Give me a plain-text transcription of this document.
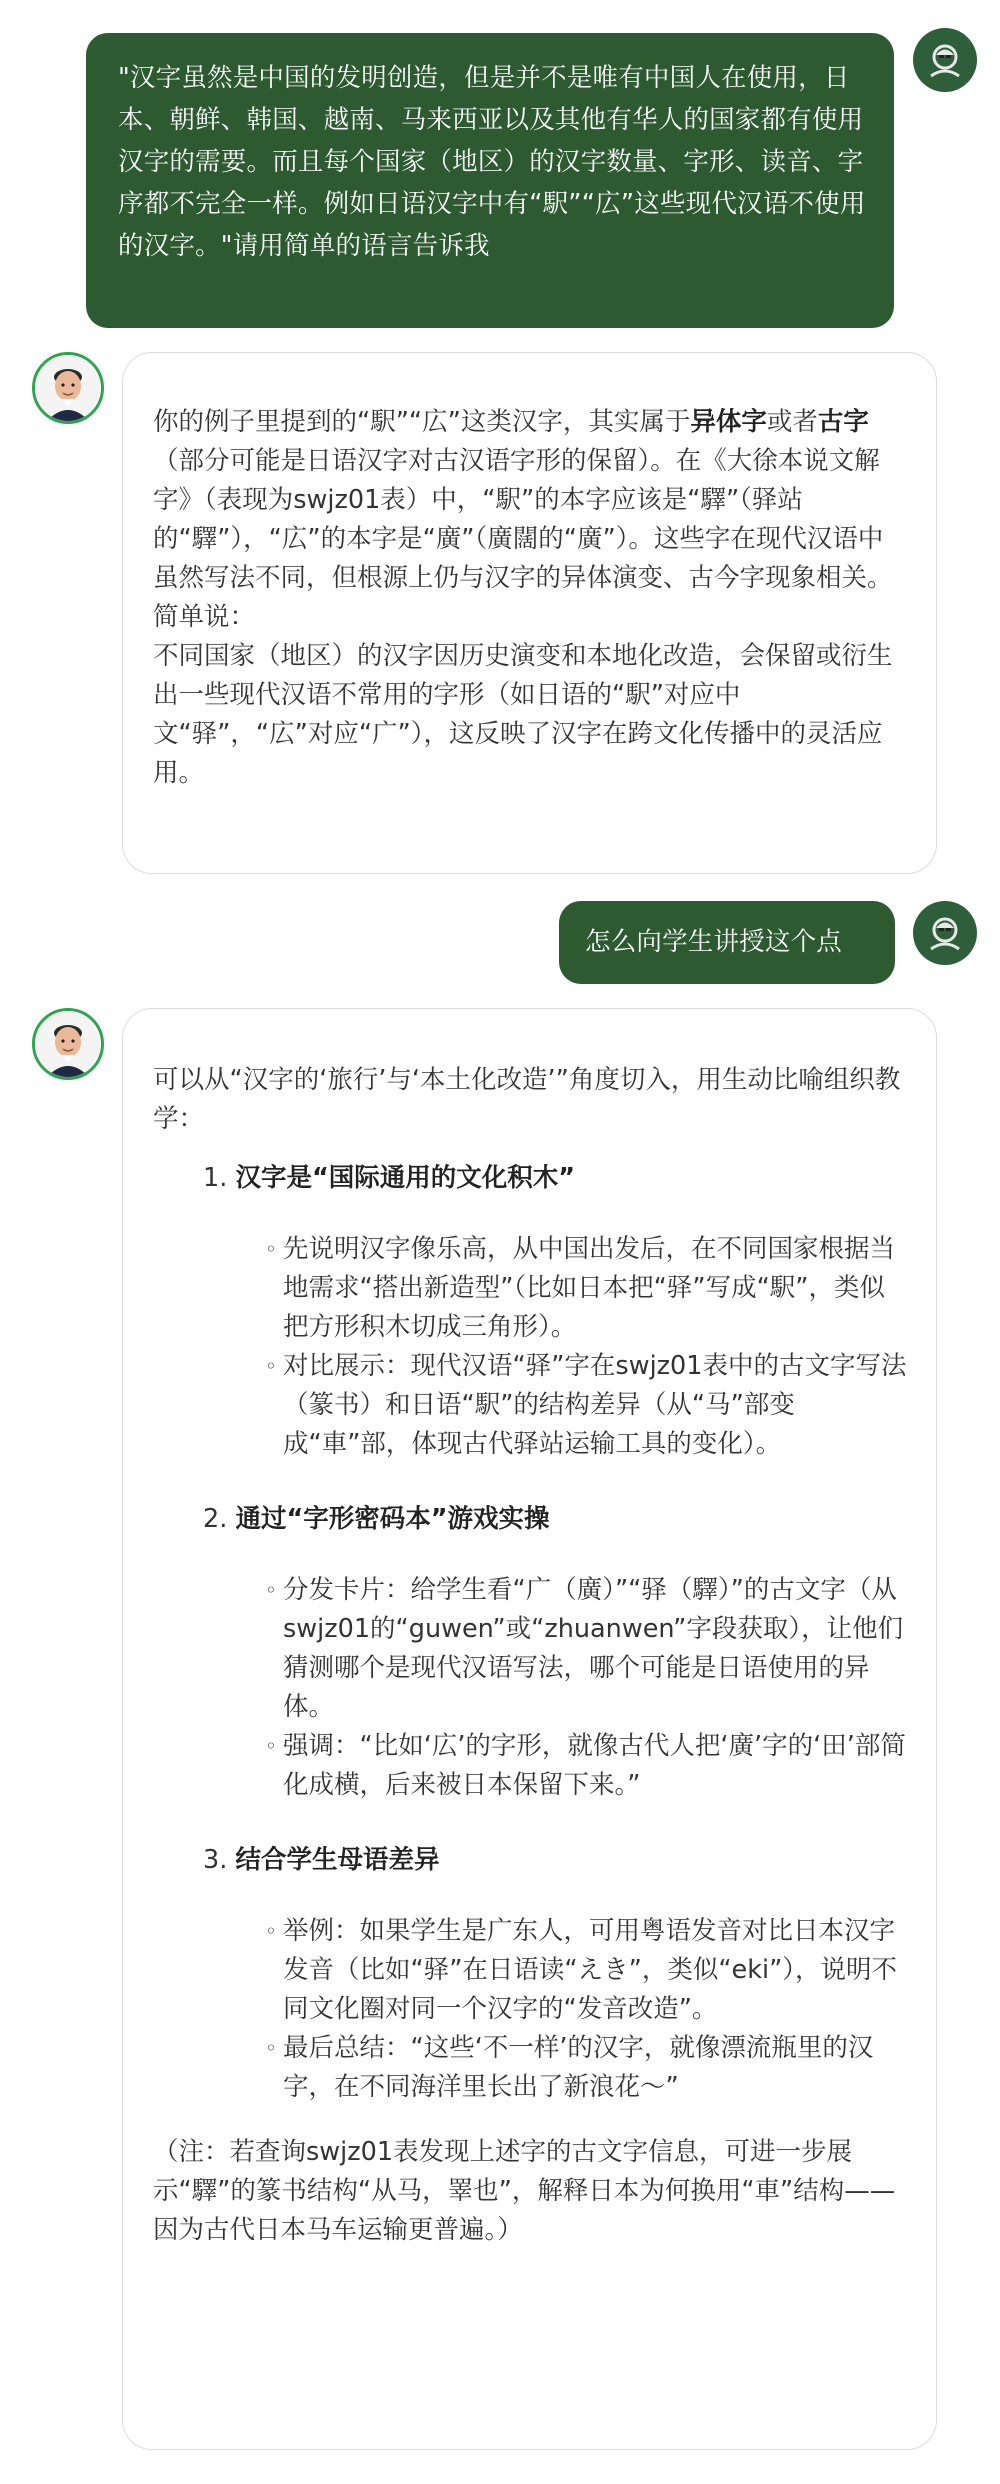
"汉字虽然是中国的发明创造，但是并不是唯有中国人在使用，日本、朝鲜、韩国、越南、马来西亚以及其他有华人的国家都有使用汉字的需要。而且每个国家（地区）的汉字数量、字形、读音、字序都不完全一样。例如日语汉字中有“駅”“広”这些现代汉语不使用的汉字。"请用简单的语言告诉我
你的例子里提到的“駅”“広”这类汉字，其实属于异体字或者古字（部分可能是日语汉字对古汉语字形的保留）。在《大徐本说文解字》（表现为swjz01表）中，“駅”的本字应该是“驛”（驿站的“驛”），“広”的本字是“廣”（廣闊的“廣”）。这些字在现代汉语中虽然写法不同，但根源上仍与汉字的异体演变、古今字现象相关。简单说：
不同国家（地区）的汉字因历史演变和本地化改造，会保留或衍生出一些现代汉语不常用的字形（如日语的“駅”对应中文“驿”，“広”对应“广”），这反映了汉字在跨文化传播中的灵活应用。
怎么向学生讲授这个点
可以从“汉字的‘旅行’与‘本土化改造’”角度切入，用生动比喻组织教学：
1. 汉字是“国际通用的文化积木”
◦ 先说明汉字像乐高，从中国出发后，在不同国家根据当地需求“搭出新造型”（比如日本把“驿”写成“駅”，类似把方形积木切成三角形）。
◦ 对比展示：现代汉语“驿”字在swjz01表中的古文字写法（篆书）和日语“駅”的结构差异（从“马”部变成“車”部，体现古代驿站运输工具的变化）。
2. 通过“字形密码本”游戏实操
◦ 分发卡片：给学生看“广（廣）”“驿（驛）”的古文字（从swjz01的“guwen”或“zhuanwen”字段获取），让他们猜测哪个是现代汉语写法，哪个可能是日语使用的异体。
◦ 强调：“比如‘広’的字形，就像古代人把‘廣’字的‘田’部简化成横，后来被日本保留下来。”
3. 结合学生母语差异
◦ 举例：如果学生是广东人，可用粤语发音对比日本汉字发音（比如“驿”在日语读“えき”，类似“eki”），说明不同文化圈对同一个汉字的“发音改造”。
◦ 最后总结：“这些‘不一样’的汉字，就像漂流瓶里的汉字，在不同海洋里长出了新浪花～”
（注：若查询swjz01表发现上述字的古文字信息，可进一步展示“驛”的篆书结构“从马，睪也”，解释日本为何换用“車”结构——因为古代日本马车运输更普遍。）
